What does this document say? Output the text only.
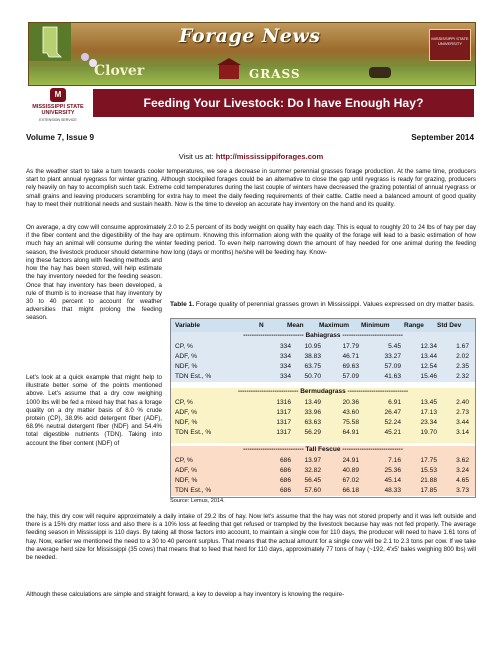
Forage News
Clover	GRASS
MISSISSIPPI STATE UNIVERSITY
M
MISSISSIPPI STATE UNIVERSITY
EXTENSION SERVICE
Feeding Your Livestock: Do I have Enough Hay?
Volume 7, Issue 9	September 2014
Visit us at: http://mississippiforages.com

As the weather start to take a turn towards cooler temperatures, we see a decrease in summer perennial grasses forage production. At the same time, producers start to plant annual ryegrass for winter grazing. Although stockpiled forages could be an alternative to close the gap until ryegrass is ready for grazing, producers rely heavily on hay to accomplish such task. Extreme cold temperatures during the last couple of winters have decreased the grazing potential of annual ryegrass or small grains and leaving producers scrambling for extra hay to meet the daily feeding requirements of their cattle. Cattle need a balanced amount of good quality hay to meet their nutritional needs and sustain health. Now is the time to develop an accurate hay inventory on the hand and its quality.

On average, a dry cow will consume approximately 2.0 to 2.5 percent of its body weight on quality hay each day. This is equal to roughly 20 to 24 lbs of hay per day if the fiber content and the digestibility of the hay are optimum. Knowing this information along with the quality of the forage will lead to a basic estimation of how much hay an animal will consume during the winter feeding period. To even help narrowing down the amount of hay needed for one animal during the feeding season, the livestock producer should determine how long (days or months) he/she will be feeding hay. Know-

ing these factors along with feeding methods and how the hay has been stored, will help estimate the hay inventory needed for the feeding season. Once that hay inventory has been developed, a rule of thumb is to increase that hay inventory by 30 to 40 percent to account for weather adversities that might prolong the feeding season.

Let's look at a quick example that might help to illustrate better some of the points mentioned above. Let's assume that a dry cow weighing 1000 lbs will be fed a mixed hay that has a forage quality on a dry matter basis of 8.0 % crude protein (CP), 38.9% acid detergent fiber (ADF), 68.9% neutral detergent fiber (NDF) and 54.4% total digestible nutrients (TDN). Taking into account the fiber content (NDF) of

the hay, this dry cow will require approximately a daily intake of 29.2 lbs of hay. Now let's assume that the hay was not stored properly and it was left outside and there is a 15% dry matter loss and also there is a 10% loss at feeding that get refused or trampled by the livestock because hay was not fed properly. The average feeding season in Mississippi is 110 days. By taking all those factors into account, to maintain a single cow for 110 days, the producer will need to have 1.61 tons of hay. Now, earlier we mentioned the need to a 30 to 40 percent surplus. That means that the actual amount for a single cow will be 2.1 to 2.3 tons per cow. If we take the average herd size for Mississippi (35 cows) that means that to feed that herd for 110 days, approximately 77 tons of hay (~192, 4'x5' bales weighing 800 lbs) will be needed.

Although these calculations are simple and straight forward, a key to develop a hay inventory is knowing the require-

Table 1. Forage quality of perennial grasses grown in Mississippi. Values expressed on dry matter basis.
Variable	N	Mean Maximum Minimum Range Std Dev
---------------------------- Bahiagrass ----------------------------
CP, %	334	10.95	17.79	5.45	12.34	1.67
ADF, %	334	38.83	46.71	33.27	13.44	2.02
NDF, %	334	63.75	69.63	57.09	12.54	2.35
TDN Est., %	334	50.70	57.09	41.63	15.46	2.32
---------------------------- Bermudagrass ----------------------------
CP, %	1316	13.49	20.36	6.91	13.45	2.40
ADF, %	1317	33.96	43.60	26.47	17.13	2.73
NDF, %	1317	63.63	75.58	52.24	23.34	3.44
TDN Est., %	1317	56.29	64.91	45.21	19.70	3.14
---------------------------- Tall Fescue ----------------------------
CP, %	686	13.97	24.91	7.16	17.75	3.62
ADF, %	686	32.82	40.89	25.36	15.53	3.24
NDF, %	686	56.45	67.02	45.14	21.88	4.65
TDN Est., %	686	57.60	66.18	48.33	17.85	3.73
Source: Lemus, 2014.
